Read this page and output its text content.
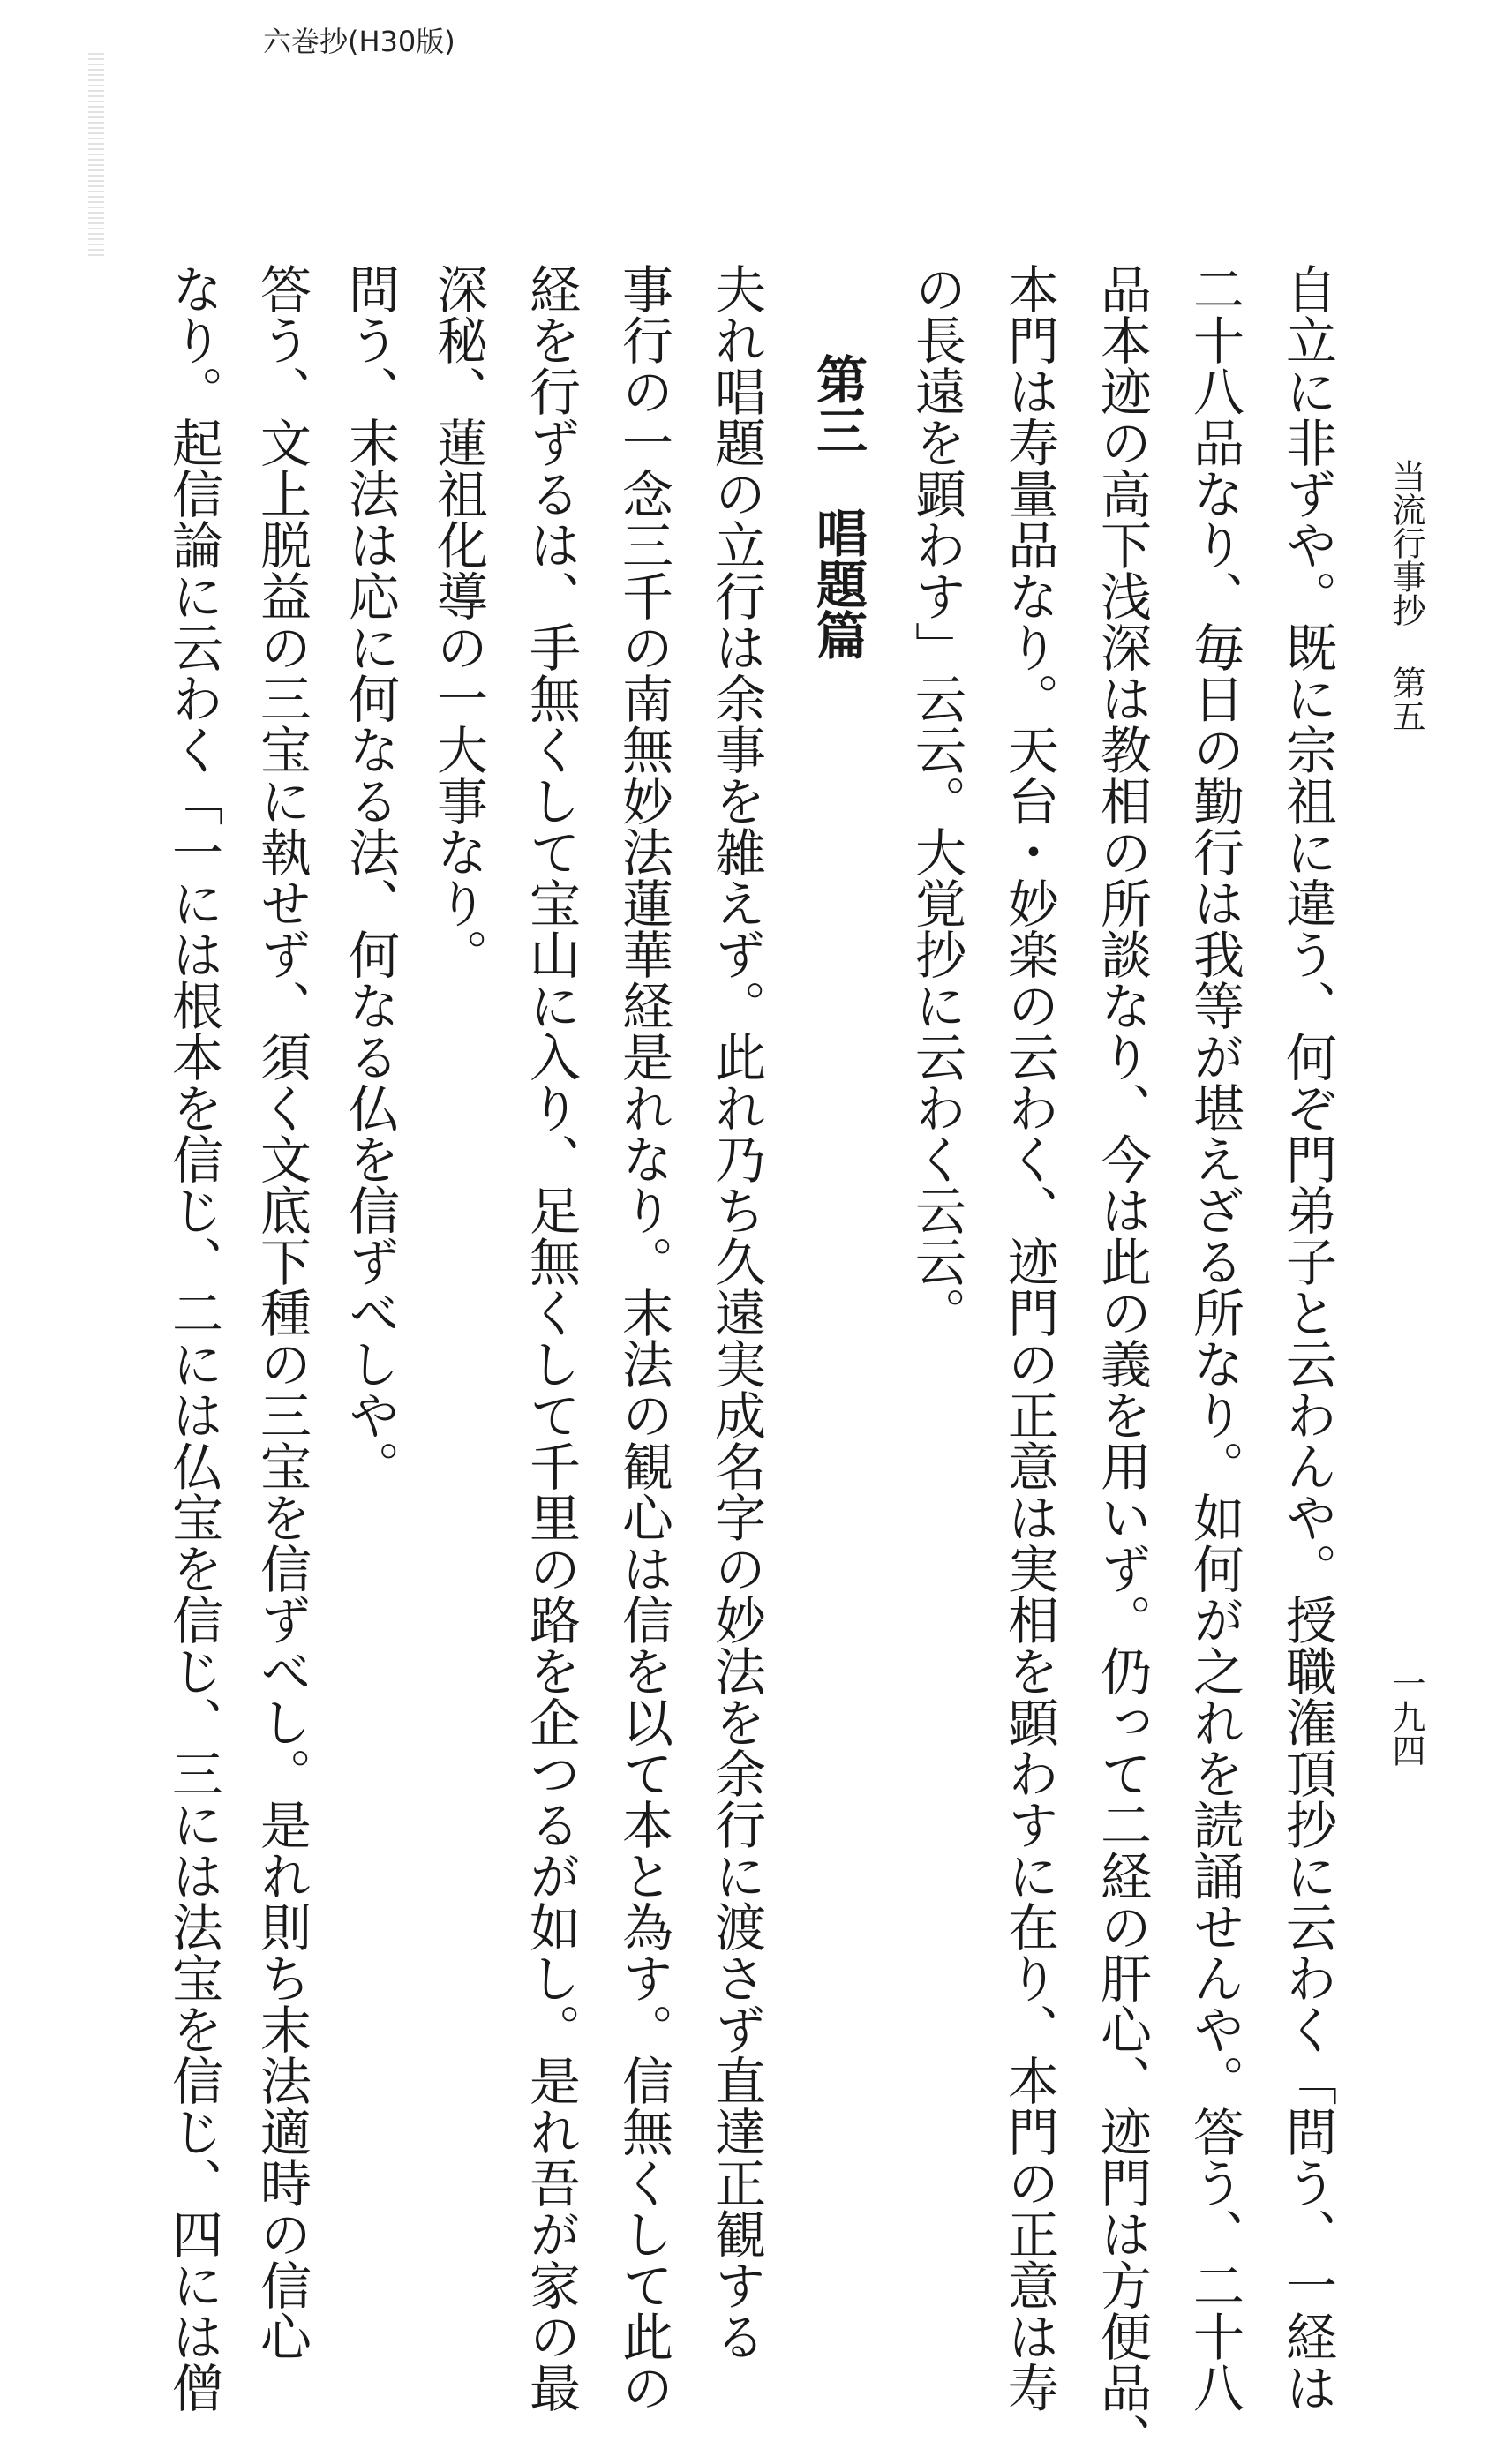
六巻抄(H30版)
当流行事抄 第五
一九四
自立に非ずや。既に宗祖に違う、何ぞ門弟子と云わんや。授職潅頂抄に云わく「問う、一経は
二十八品なり、毎日の勤行は我等が堪えざる所なり。如何が之れを読誦せんや。答う、二十八
品本迹の高下浅深は教相の所談なり、今は此の義を用いず。仍って二経の肝心、迹門は方便品、
本門は寿量品なり。天台・妙楽の云わく、迹門の正意は実相を顕わすに在り、本門の正意は寿
の長遠を顕わす」云云。大覚抄に云わく云云。
第三　唱題篇
夫れ唱題の立行は余事を雑えず。此れ乃ち久遠実成名字の妙法を余行に渡さず直達正観する
事行の一念三千の南無妙法蓮華経是れなり。末法の観心は信を以て本と為す。信無くして此の
経を行ずるは、手無くして宝山に入り、足無くして千里の路を企つるが如し。是れ吾が家の最
深秘、蓮祖化導の一大事なり。
問う、末法は応に何なる法、何なる仏を信ずべしや。
答う、文上脱益の三宝に執せず、須く文底下種の三宝を信ずべし。是れ則ち末法適時の信心
なり。起信論に云わく「一には根本を信じ、二には仏宝を信じ、三には法宝を信じ、四には僧
